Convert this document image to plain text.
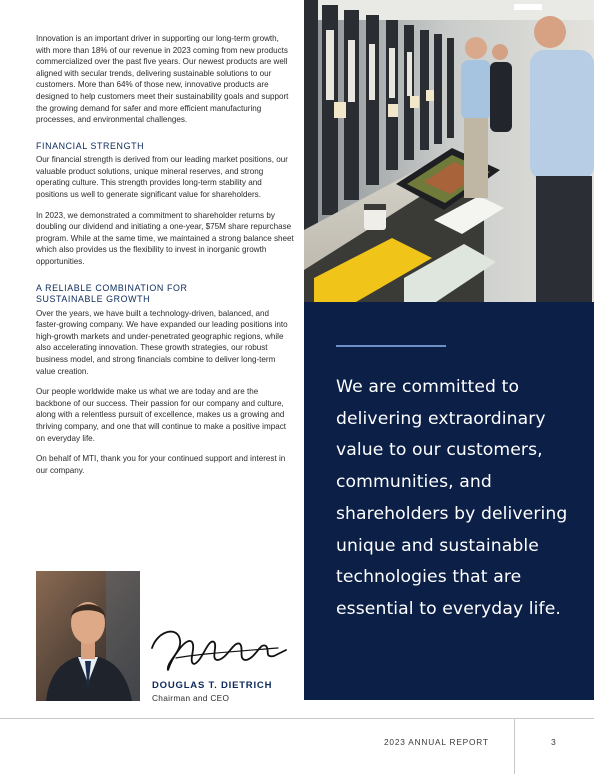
Innovation is an important driver in supporting our long-term growth, with more than 18% of our revenue in 2023 coming from new products commercialized over the past five years. Our newest products are well aligned with secular trends, delivering sustainable solutions to our customers. More than 64% of those new, innovative products are designed to help customers meet their sustainability goals and support the growing demand for safer and more efficient manufacturing processes, and environmental challenges.

FINANCIAL STRENGTH

Our financial strength is derived from our leading market positions, our valuable product solutions, unique mineral reserves, and strong operating culture. This strength provides long-term stability and positions us well to generate significant value for shareholders.

In 2023, we demonstrated a commitment to shareholder returns by doubling our dividend and initiating a one-year, $75M share repurchase program. While at the same time, we maintained a strong balance sheet which also provides us the flexibility to invest in inorganic growth opportunities.

A RELIABLE COMBINATION FOR
SUSTAINABLE GROWTH

Over the years, we have built a technology-driven, balanced, and faster-growing company. We have expanded our leading positions into high-growth markets and under-penetrated geographic regions, while also accelerating innovation. These growth strategies, our robust business model, and strong financials combine to deliver long-term value creation.

Our people worldwide make us what we are today and are the backbone of our success. Their passion for our company and culture, along with a relentless pursuit of excellence, makes us a growing and thriving company, and one that will continue to make a positive impact on everyday life.

On behalf of MTI, thank you for your continued support and interest in our company.

We are committed to delivering extraordinary value to our customers, communities, and shareholders by delivering unique and sustainable technologies that are essential to everyday life.
DOUGLAS T. DIETRICH
Chairman and CEO
2023 ANNUAL REPORT	3
